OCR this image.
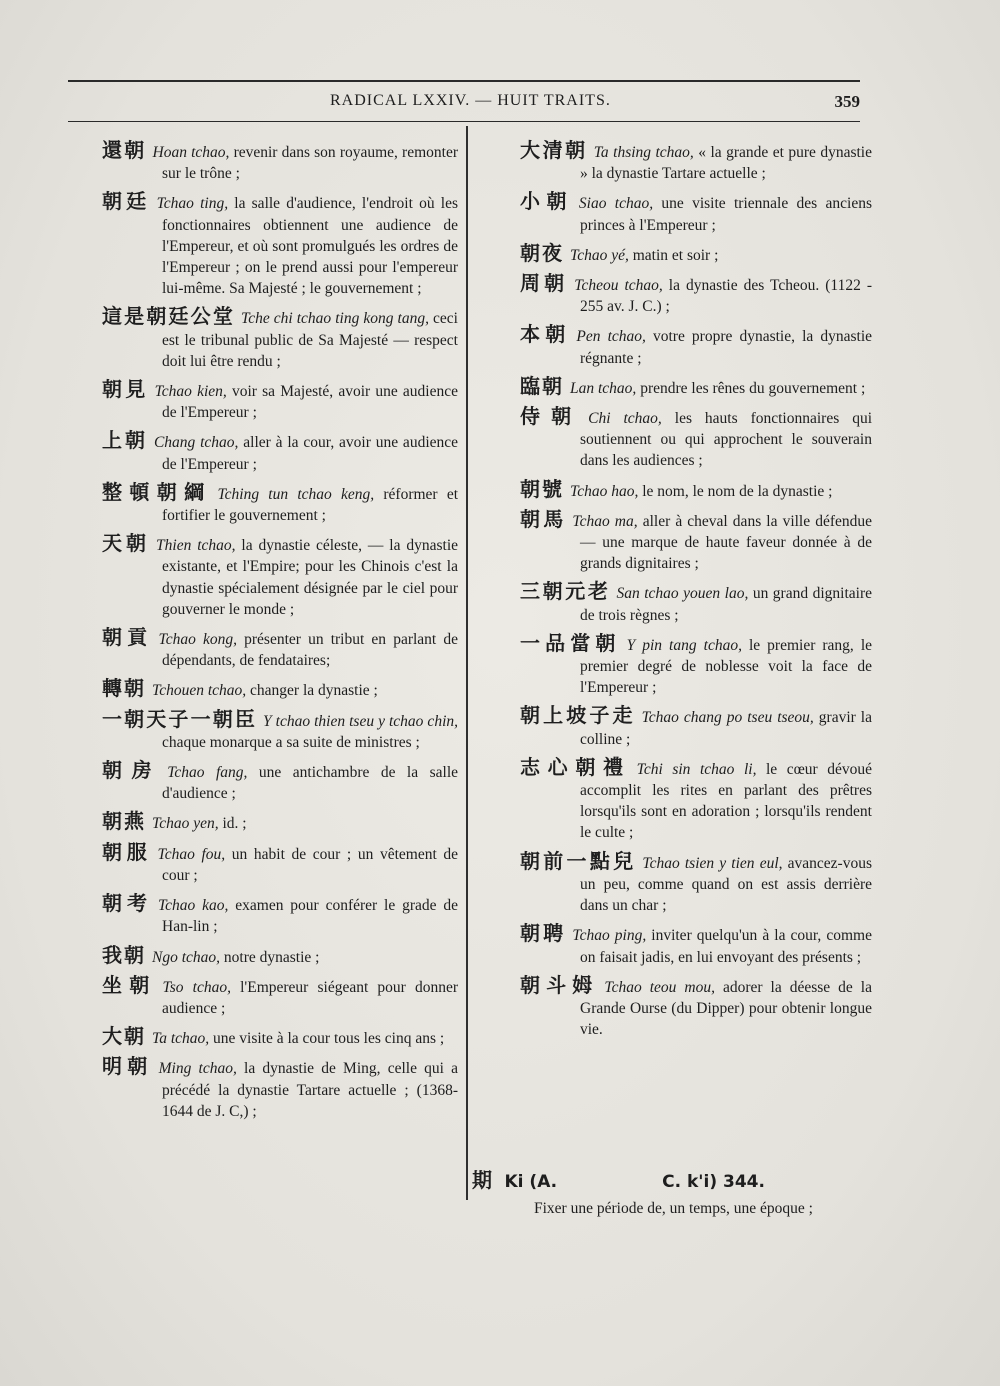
RADICAL LXXIV. — HUIT TRAITS.	359
還朝 Hoan tchao, revenir dans son royaume, remonter sur le trône ;
朝廷 Tchao ting, la salle d'audience, l'endroit où les fonctionnaires obtiennent une audience de l'Empereur, et où sont promulgués les ordres de l'Empereur ; on le prend aussi pour l'empereur lui-même. Sa Majesté ; le gouvernement ;
這是朝廷公堂 Tche chi tchao ting kong tang, ceci est le tribunal public de Sa Majesté — respect doit lui être rendu ;
朝見 Tchao kien, voir sa Majesté, avoir une audience de l'Empereur ;
上朝 Chang tchao, aller à la cour, avoir une audience de l'Empereur ;
整頓朝綱 Tching tun tchao keng, réformer et fortifier le gouvernement ;
天朝 Thien tchao, la dynastie céleste, — la dynastie existante, et l'Empire; pour les Chinois c'est la dynastie spécialement désignée par le ciel pour gouverner le monde ;
朝貢 Tchao kong, présenter un tribut en parlant de dépendants, de fendataires;
轉朝 Tchouen tchao, changer la dynastie ;
一朝天子一朝臣 Y tchao thien tseu y tchao chin, chaque monarque a sa suite de ministres ;
朝房 Tchao fang, une antichambre de la salle d'audience ;
朝燕 Tchao yen, id. ;
朝服 Tchao fou, un habit de cour ; un vêtement de cour ;
朝考 Tchao kao, examen pour conférer le grade de Han-lin ;
我朝 Ngo tchao, notre dynastie ;
坐朝 Tso tchao, l'Empereur siégeant pour donner audience ;
大朝 Ta tchao, une visite à la cour tous les cinq ans ;
明朝 Ming tchao, la dynastie de Ming, celle qui a précédé la dynastie Tartare actuelle ; (1368-1644 de J. C,) ;
大清朝 Ta thsing tchao, « la grande et pure dynastie » la dynastie Tartare actuelle ;
小朝 Siao tchao, une visite triennale des anciens princes à l'Empereur ;
朝夜 Tchao yé, matin et soir ;
周朝 Tcheou tchao, la dynastie des Tcheou. (1122 - 255 av. J. C.) ;
本朝 Pen tchao, votre propre dynastie, la dynastie régnante ;
臨朝 Lan tchao, prendre les rênes du gouvernement ;
侍朝 Chi tchao, les hauts fonctionnaires qui soutiennent ou qui approchent le souverain dans les audiences ;
朝號 Tchao hao, le nom, le nom de la dynastie ;
朝馬 Tchao ma, aller à cheval dans la ville défendue — une marque de haute faveur donnée à de grands dignitaires ;
三朝元老 San tchao youen lao, un grand dignitaire de trois règnes ;
一品當朝 Y pin tang tchao, le premier rang, le premier degré de noblesse voit la face de l'Empereur ;
朝上坡子走 Tchao chang po tseu tseou, gravir la colline ;
志心朝禮 Tchi sin tchao li, le cœur dévoué accomplit les rites en parlant des prêtres lorsqu'ils sont en adoration ; lorsqu'ils rendent le culte ;
朝前一點兒 Tchao tsien y tien eul, avancez-vous un peu, comme quand on est assis derrière dans un char ;
朝聘 Tchao ping, inviter quelqu'un à la cour, comme on faisait jadis, en lui envoyant des présents ;
朝斗姆 Tchao teou mou, adorer la déesse de la Grande Ourse (du Dipper) pour obtenir longue vie.
期 Ki (A.	C. k'i) 344.
Fixer une période de, un temps, une époque ;
